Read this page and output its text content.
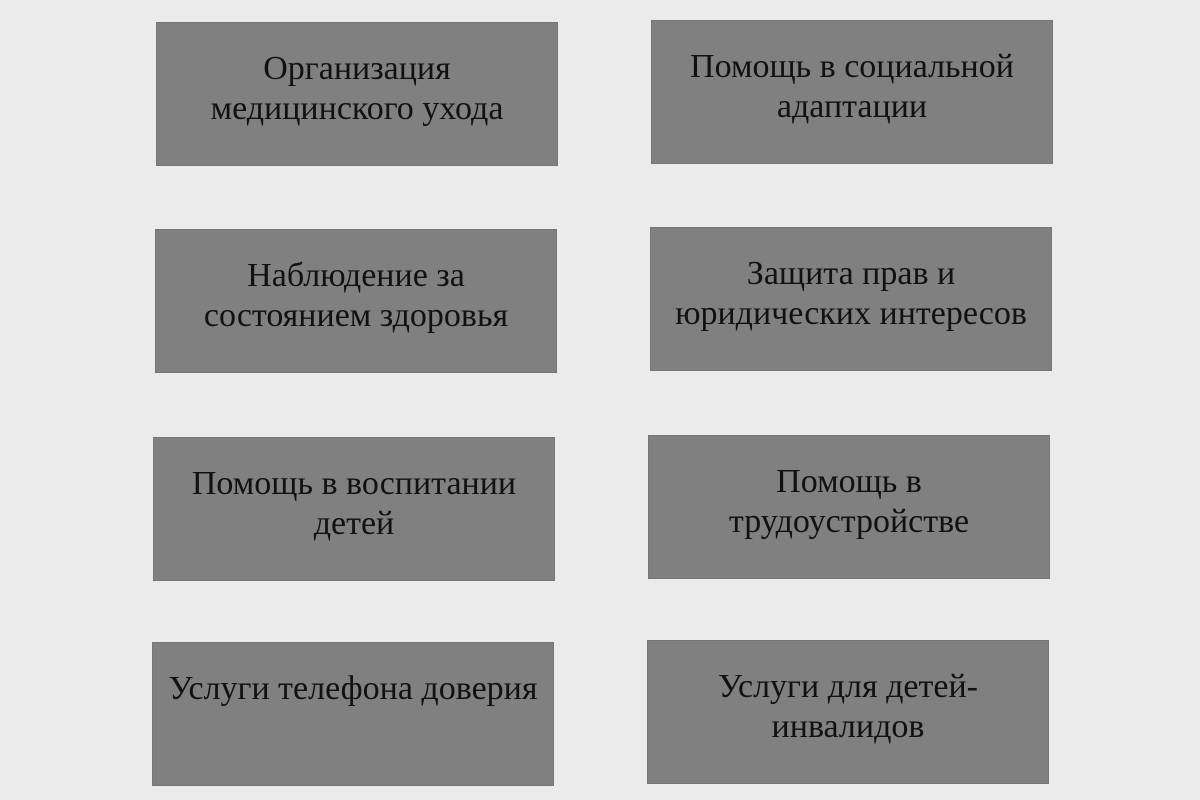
Организация медицинского ухода
Помощь в социальной адаптации
Наблюдение за состоянием здоровья
Защита прав и юридических интересов
Помощь в воспитании детей
Помощь в трудоустройстве
Услуги телефона доверия	Услуги для детей-инвалидов
